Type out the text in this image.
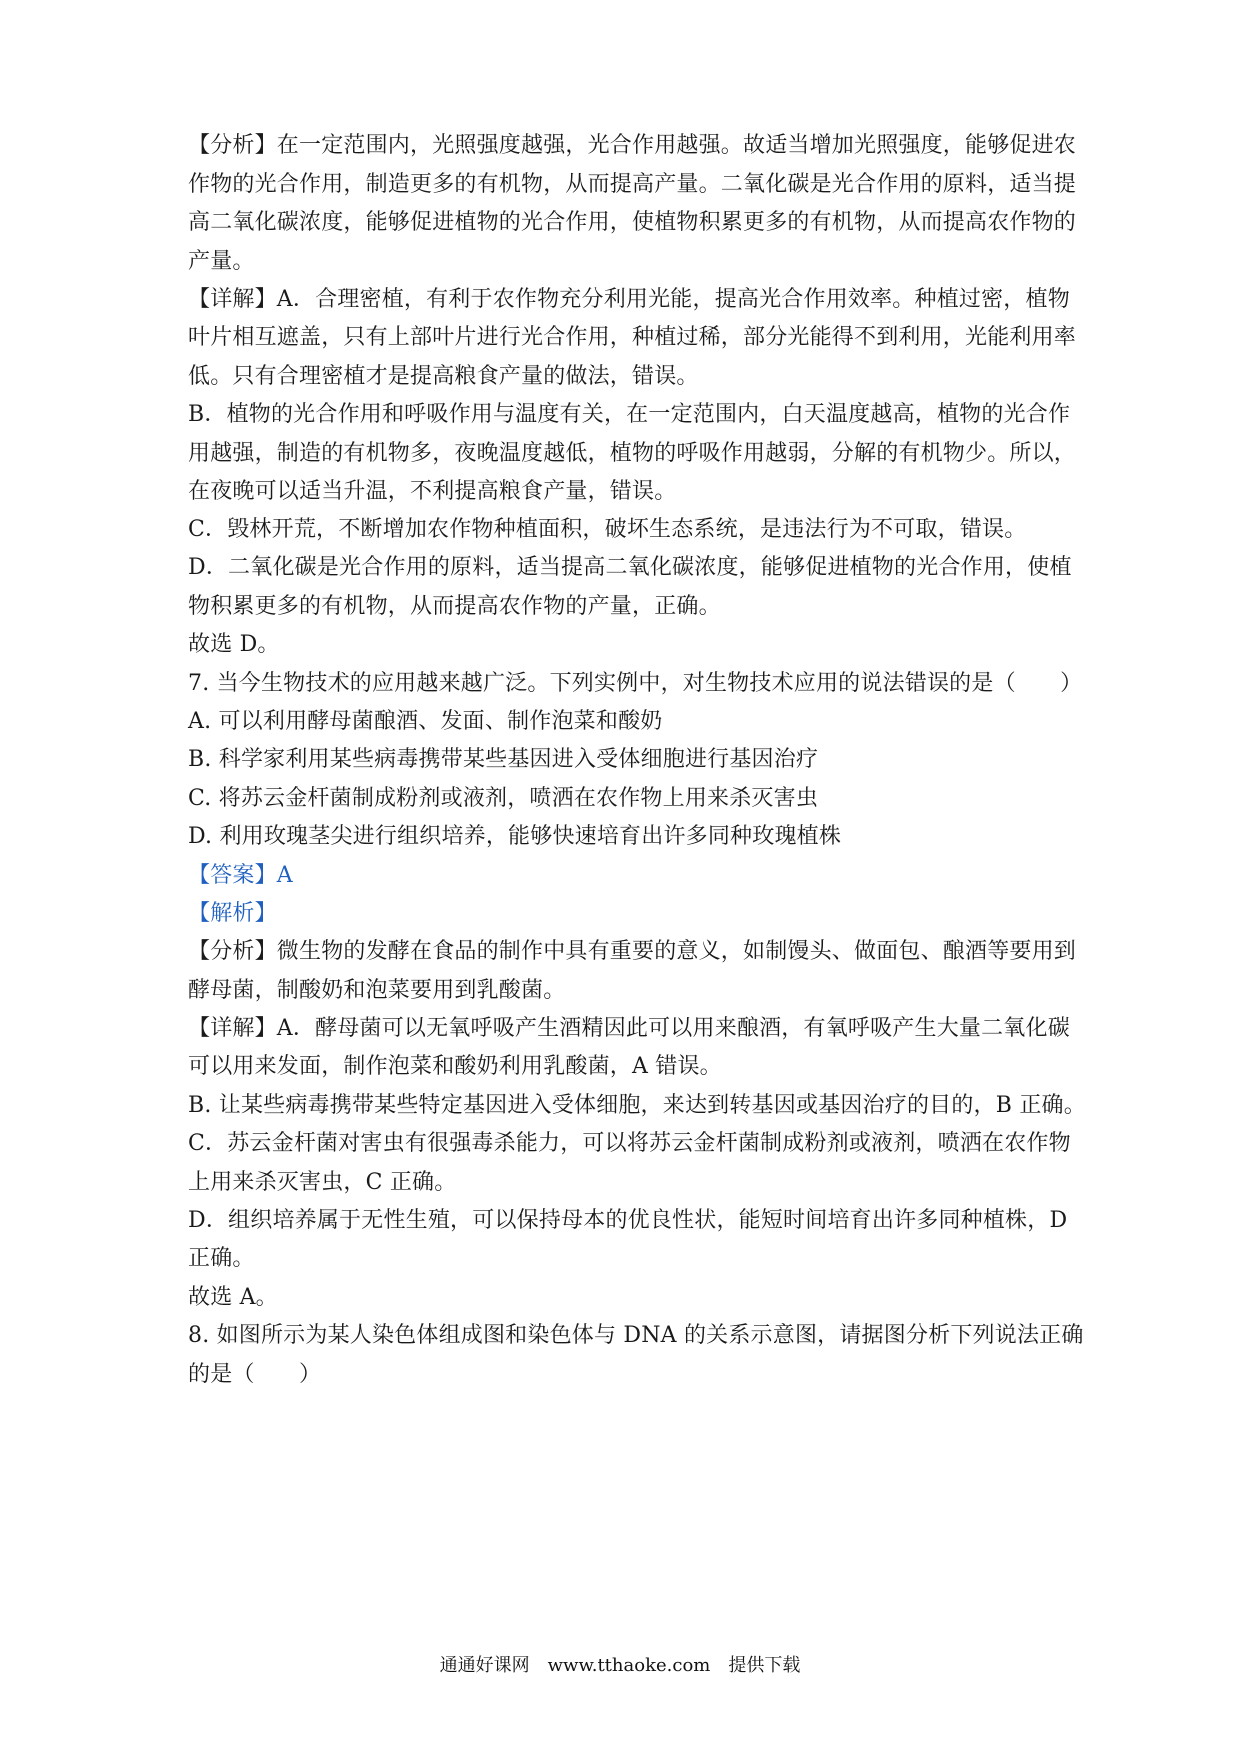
【分析】在一定范围内，光照强度越强，光合作用越强。故适当增加光照强度，能够促进农
作物的光合作用，制造更多的有机物，从而提高产量。二氧化碳是光合作用的原料，适当提
高二氧化碳浓度，能够促进植物的光合作用，使植物积累更多的有机物，从而提高农作物的
产量。
【详解】A．合理密植，有利于农作物充分利用光能，提高光合作用效率。种植过密，植物
叶片相互遮盖，只有上部叶片进行光合作用，种植过稀，部分光能得不到利用，光能利用率
低。只有合理密植才是提高粮食产量的做法，错误。
B．植物的光合作用和呼吸作用与温度有关，在一定范围内，白天温度越高，植物的光合作
用越强，制造的有机物多，夜晚温度越低，植物的呼吸作用越弱，分解的有机物少。所以，
在夜晚可以适当升温，不利提高粮食产量，错误。
C．毁林开荒，不断增加农作物种植面积，破坏生态系统，是违法行为不可取，错误。
D．二氧化碳是光合作用的原料，适当提高二氧化碳浓度，能够促进植物的光合作用，使植
物积累更多的有机物，从而提高农作物的产量，正确。
故选 D。
7. 当今生物技术的应用越来越广泛。下列实例中，对生物技术应用的说法错误的是（　　）
A. 可以利用酵母菌酿酒、发面、制作泡菜和酸奶
B. 科学家利用某些病毒携带某些基因进入受体细胞进行基因治疗
C. 将苏云金杆菌制成粉剂或液剂，喷洒在农作物上用来杀灭害虫
D. 利用玫瑰茎尖进行组织培养，能够快速培育出许多同种玫瑰植株
【答案】A
【解析】
【分析】微生物的发酵在食品的制作中具有重要的意义，如制馒头、做面包、酿酒等要用到
酵母菌，制酸奶和泡菜要用到乳酸菌。
【详解】A．酵母菌可以无氧呼吸产生酒精因此可以用来酿酒，有氧呼吸产生大量二氧化碳
可以用来发面，制作泡菜和酸奶利用乳酸菌，A 错误。
B. 让某些病毒携带某些特定基因进入受体细胞，来达到转基因或基因治疗的目的，B 正确。
C．苏云金杆菌对害虫有很强毒杀能力，可以将苏云金杆菌制成粉剂或液剂，喷洒在农作物
上用来杀灭害虫，C 正确。
D．组织培养属于无性生殖，可以保持母本的优良性状，能短时间培育出许多同种植株，D
正确。
故选 A。
8. 如图所示为某人染色体组成图和染色体与 DNA 的关系示意图，请据图分析下列说法正确
的是（　　）
通通好课网　www.tthaoke.com　提供下载
